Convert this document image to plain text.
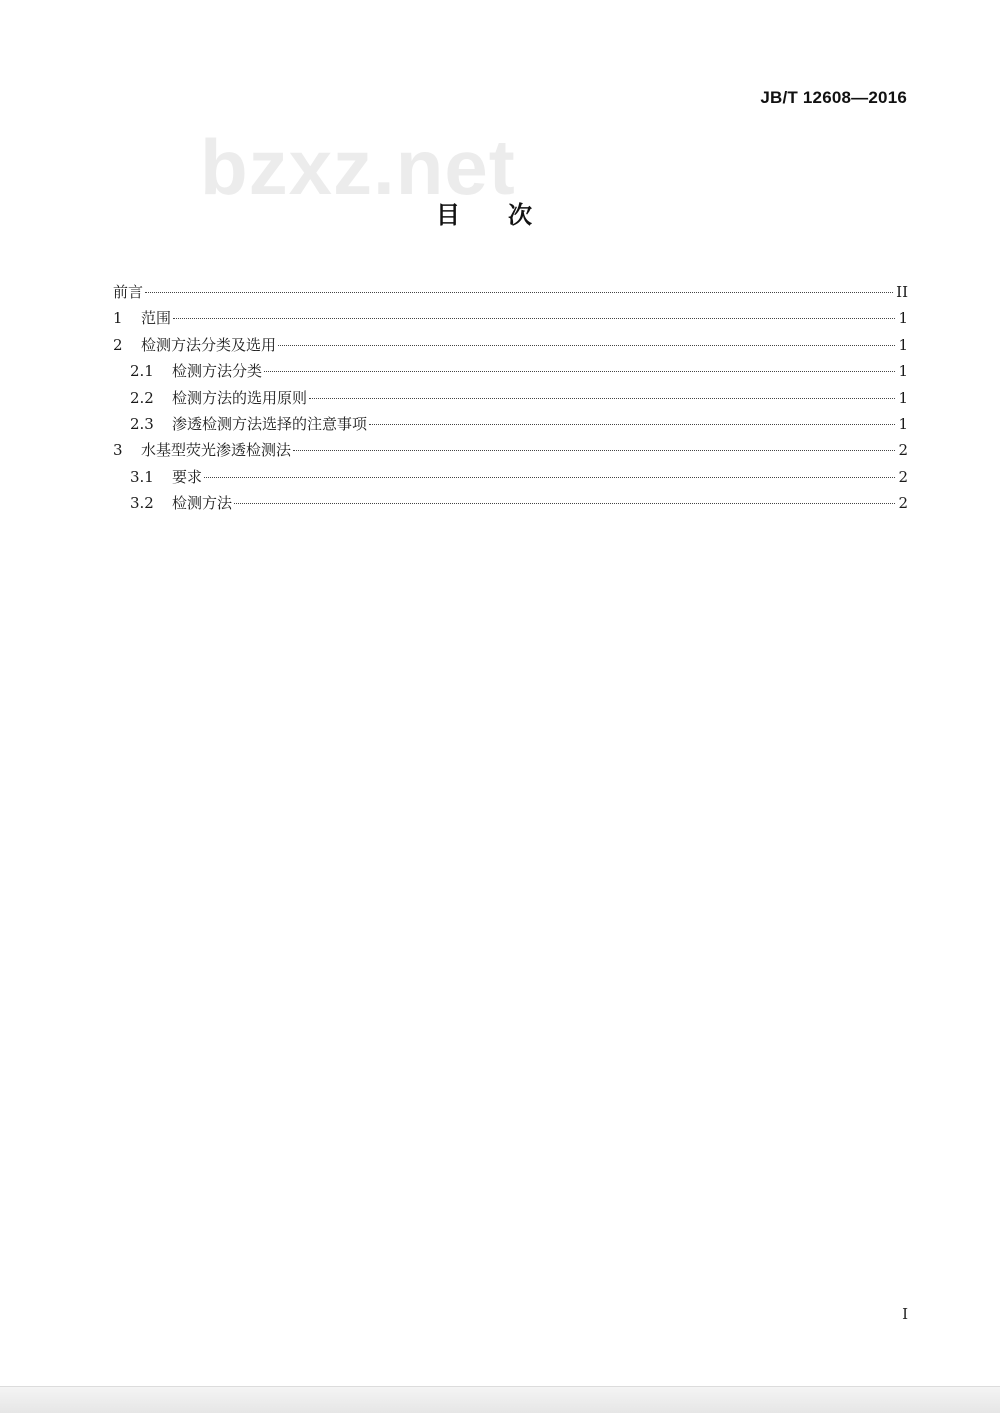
JB/T 12608—2016
bzxz.net
目次
前言	II
1	范围	1
2	检测方法分类及选用	1
2.1	检测方法分类	1
2.2	检测方法的选用原则	1
2.3	渗透检测方法选择的注意事项	1
3	水基型荧光渗透检测法	2
3.1	要求	2
3.2	检测方法	2
I
